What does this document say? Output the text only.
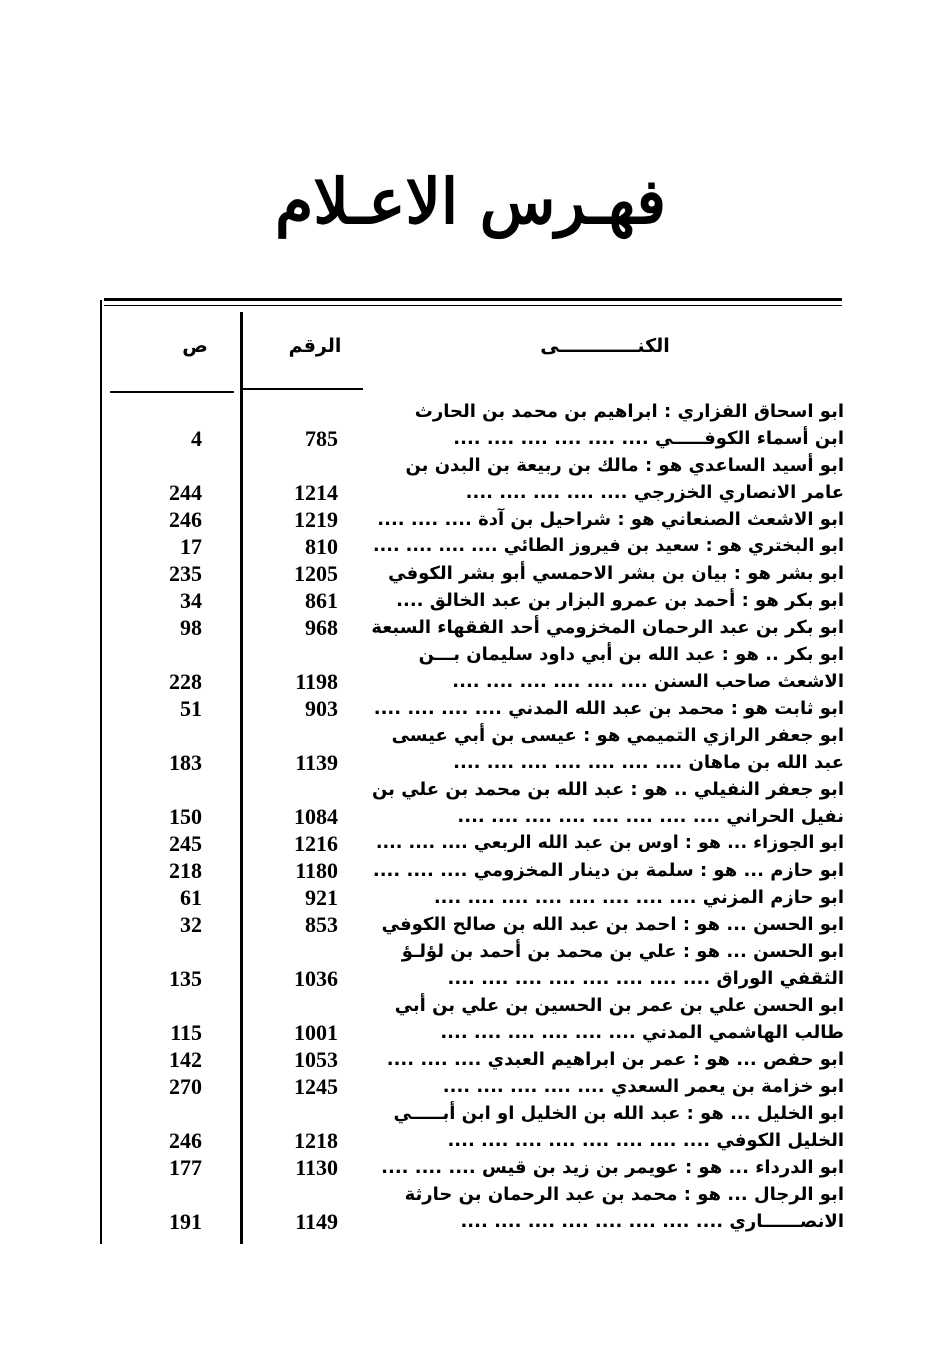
فهـرس الاعـلام
الكنــــــــــــى
الرقم
ص
ابو اسحاق الفزاري : ابراهيم بن محمد بن الحارث
ابن أسماء الكوفـــــي .... .... .... .... .... ....
785
4
ابو أسيد الساعدي هو : مالك بن ربيعة بن البدن بن
عامر الانصاري الخزرجي .... .... .... .... ....
1214
244
ابو الاشعث الصنعاني هو : شراحيل بن آدة .... .... ....
1219
246
ابو البختري هو : سعيد بن فيروز الطائي .... .... .... ....
810
17
ابو بشر هو : بيان بن بشر الاحمسي أبو بشر الكوفي
1205
235
ابو بكر هو : أحمد بن عمرو البزار بن عبد الخالق ....
861
34
ابو بكر بن عبد الرحمان المخزومي أحد الفقهاء السبعة
968
98
ابو بكر .. هو : عبد الله بن أبي داود سليمان بـــن
الاشعث صاحب السنن .... .... .... .... .... ....
1198
228
ابو ثابت هو : محمد بن عبد الله المدني .... .... .... ....
903
51
ابو جعفر الرازي التميمي هو : عيسى بن أبي عيسى
عبد الله بن ماهان .... .... .... .... .... .... ....
1139
183
ابو جعفر النفيلي .. هو : عبد الله بن محمد بن علي بن
نفيل الحراني .... .... .... .... .... .... .... ....
1084
150
ابو الجوزاء ... هو : اوس بن عبد الله الربعي .... .... ....
1216
245
ابو حازم ... هو : سلمة بن دينار المخزومي .... .... ....
1180
218
ابو حازم المزني .... .... .... .... .... .... .... ....
921
61
ابو الحسن ... هو : احمد بن عبد الله بن صالح الكوفي
853
32
ابو الحسن ... هو : علي بن محمد بن أحمد بن لؤلـؤ
الثقفي الوراق .... .... .... .... .... .... .... ....
1036
135
ابو الحسن علي بن عمر بن الحسين بن علي بن أبي
طالب الهاشمي المدني .... .... .... .... .... ....
1001
115
ابو حفص ... هو : عمر بن ابراهيم العبدي .... .... ....
1053
142
ابو خزامة بن يعمر السعدي .... .... .... .... ....
1245
270
ابو الخليل ... هو : عبد الله بن الخليل او ابن أبـــــي
الخليل الكوفي .... .... .... .... .... .... .... ....
1218
246
ابو الدرداء ... هو : عويمر بن زيد بن قيس .... .... ....
1130
177
ابو الرجال ... هو : محمد بن عبد الرحمان بن حارثة
الانصــــــاري .... .... .... .... .... .... .... ....
1149
191
